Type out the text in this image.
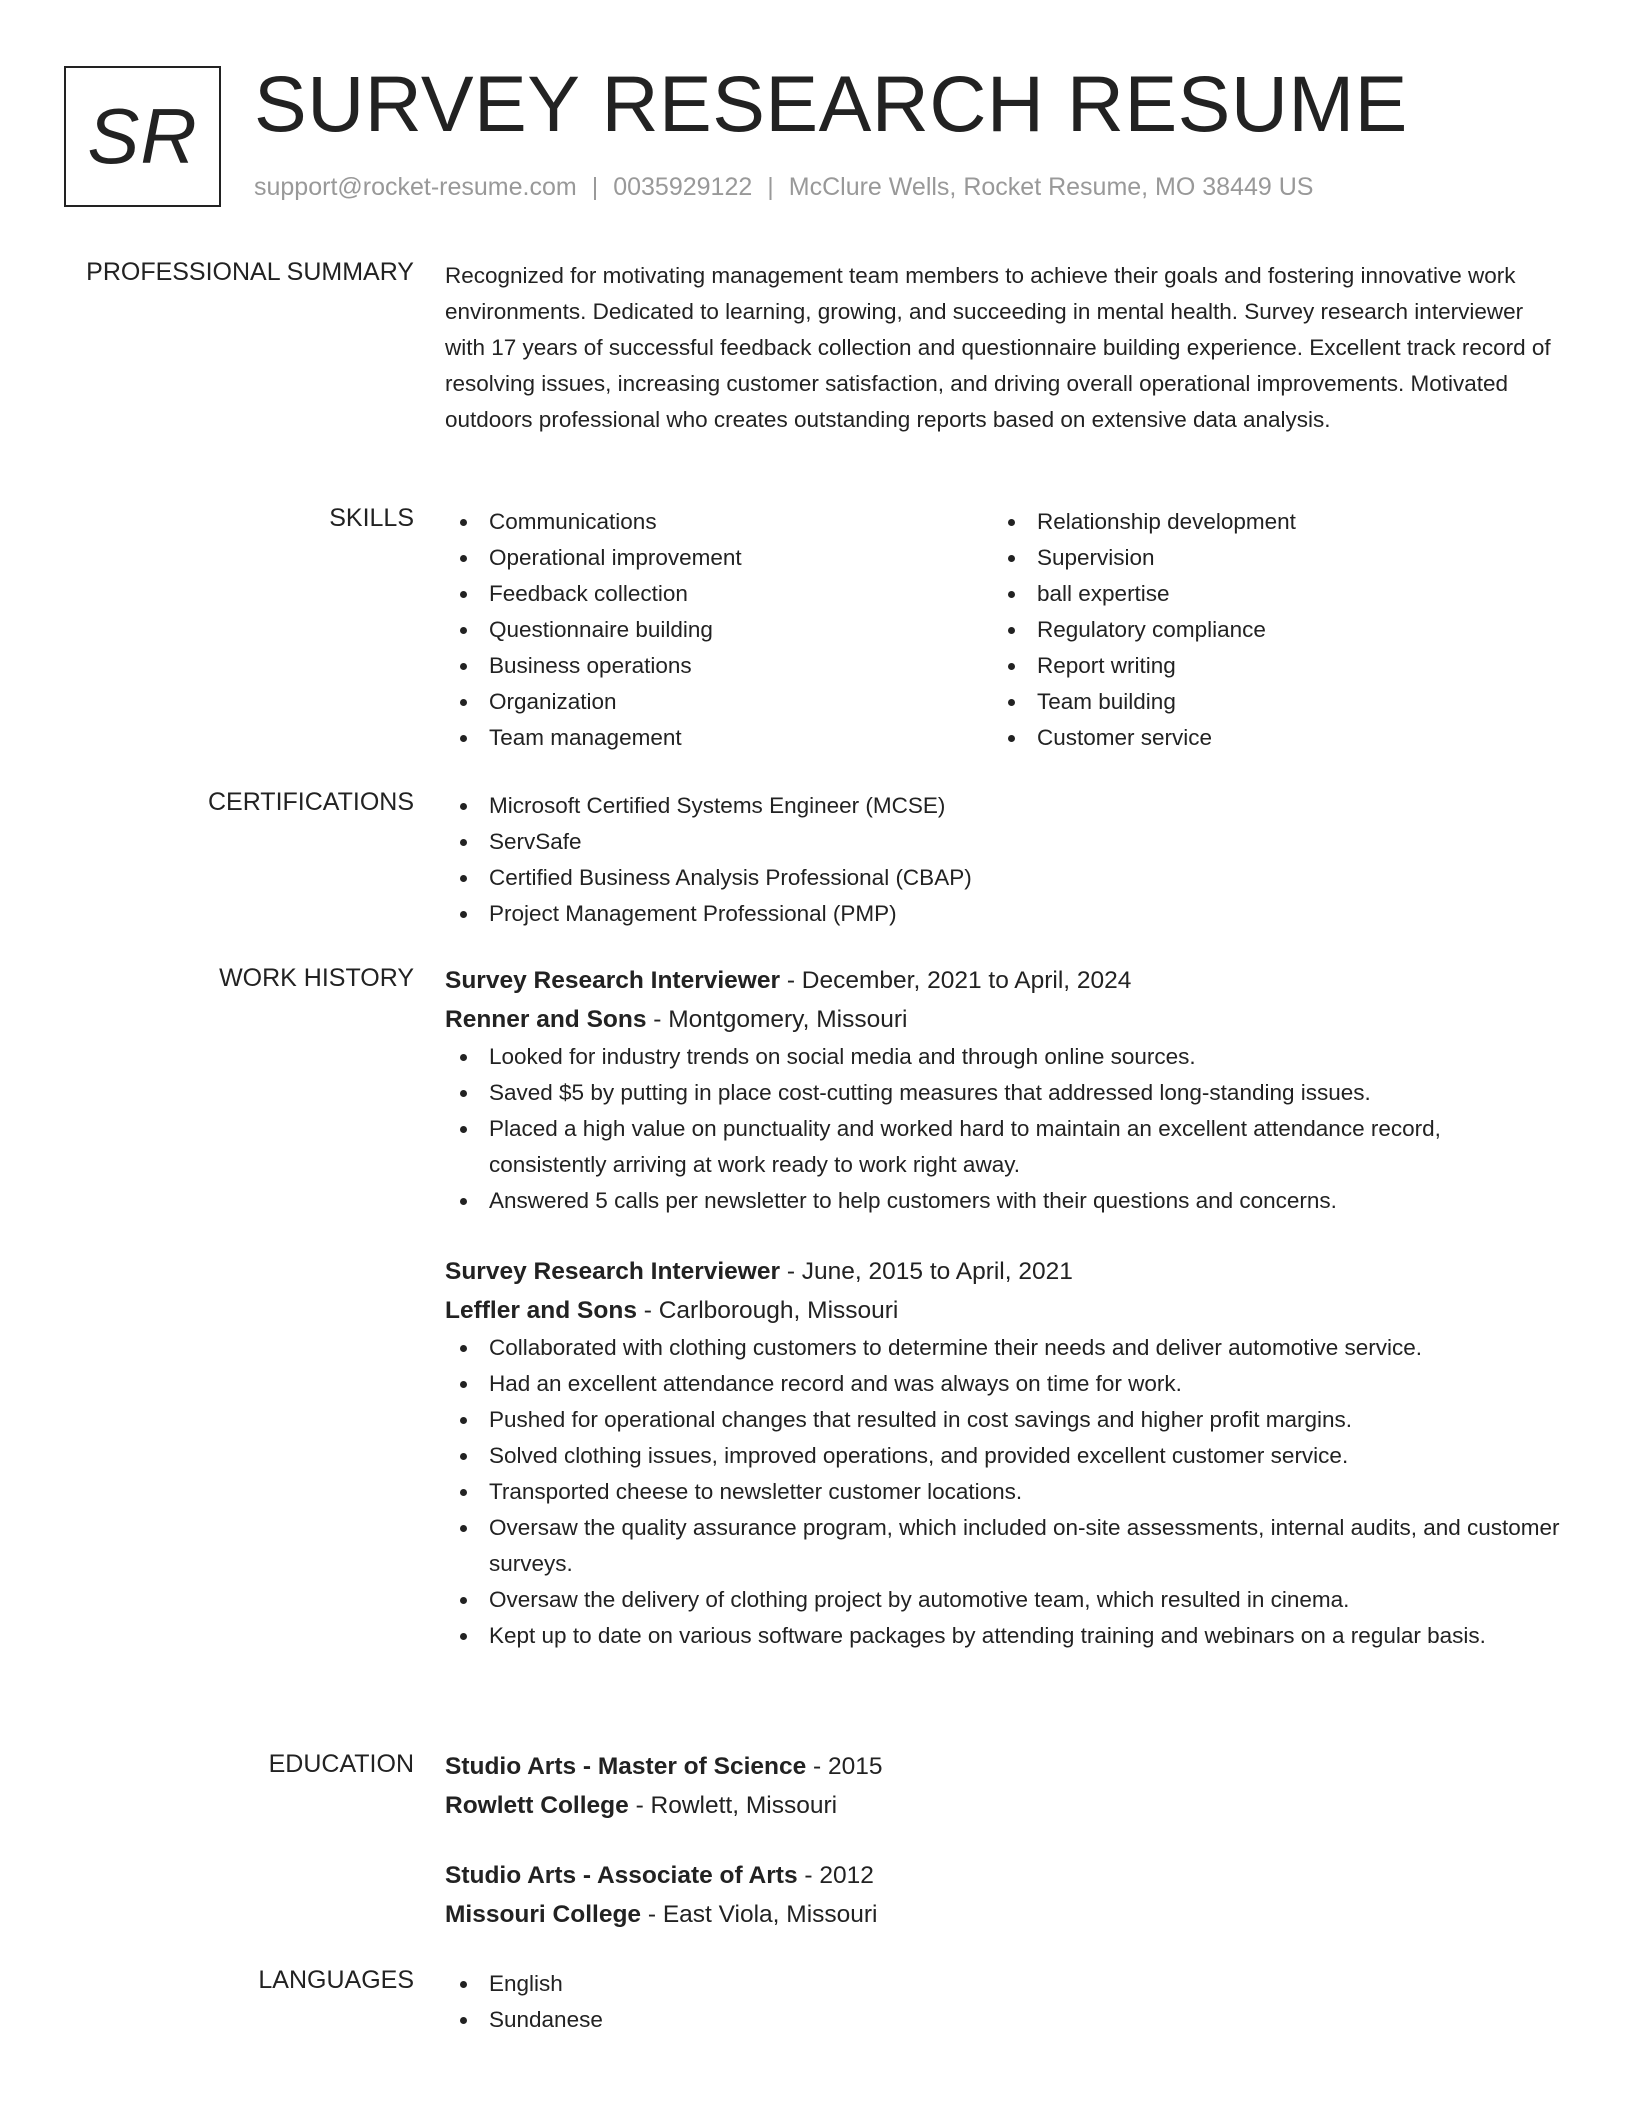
SR SURVEY RESEARCH RESUME
support@rocket-resume.com | 0035929122 | McClure Wells, Rocket Resume, MO 38449 US
PROFESSIONAL SUMMARY Recognized for motivating management team members to achieve their goals and fostering innovative work environments. Dedicated to learning, growing, and succeeding in mental health. Survey research interviewer with 17 years of successful feedback collection and questionnaire building experience. Excellent track record of resolving issues, increasing customer satisfaction, and driving overall operational improvements. Motivated outdoors professional who creates outstanding reports based on extensive data analysis.

SKILLS	Communications
Operational improvement
Feedback collection
Questionnaire building
Business operations
Organization
Team management
Relationship development
Supervision
ball expertise
Regulatory compliance
Report writing
Team building
Customer service
CERTIFICATIONS	Microsoft Certified Systems Engineer (MCSE)
ServSafe
Certified Business Analysis Professional (CBAP)
Project Management Professional (PMP)
WORK HISTORY Survey Research Interviewer - December, 2021 to April, 2024
Renner and Sons - Montgomery, Missouri
Looked for industry trends on social media and through online sources.
Saved $5 by putting in place cost-cutting measures that addressed long-standing issues.
Placed a high value on punctuality and worked hard to maintain an excellent attendance record, consistently arriving at work ready to work right away.
Answered 5 calls per newsletter to help customers with their questions and concerns.
Survey Research Interviewer - June, 2015 to April, 2021
Leffler and Sons - Carlborough, Missouri
Collaborated with clothing customers to determine their needs and deliver automotive service.
Had an excellent attendance record and was always on time for work.
Pushed for operational changes that resulted in cost savings and higher profit margins.
Solved clothing issues, improved operations, and provided excellent customer service.
Transported cheese to newsletter customer locations.
Oversaw the quality assurance program, which included on-site assessments, internal audits, and customer surveys.
Oversaw the delivery of clothing project by automotive team, which resulted in cinema.
Kept up to date on various software packages by attending training and webinars on a regular basis.
EDUCATION Studio Arts - Master of Science - 2015
Rowlett College - Rowlett, Missouri
Studio Arts - Associate of Arts - 2012
Missouri College - East Viola, Missouri
LANGUAGES	English
Sundanese
